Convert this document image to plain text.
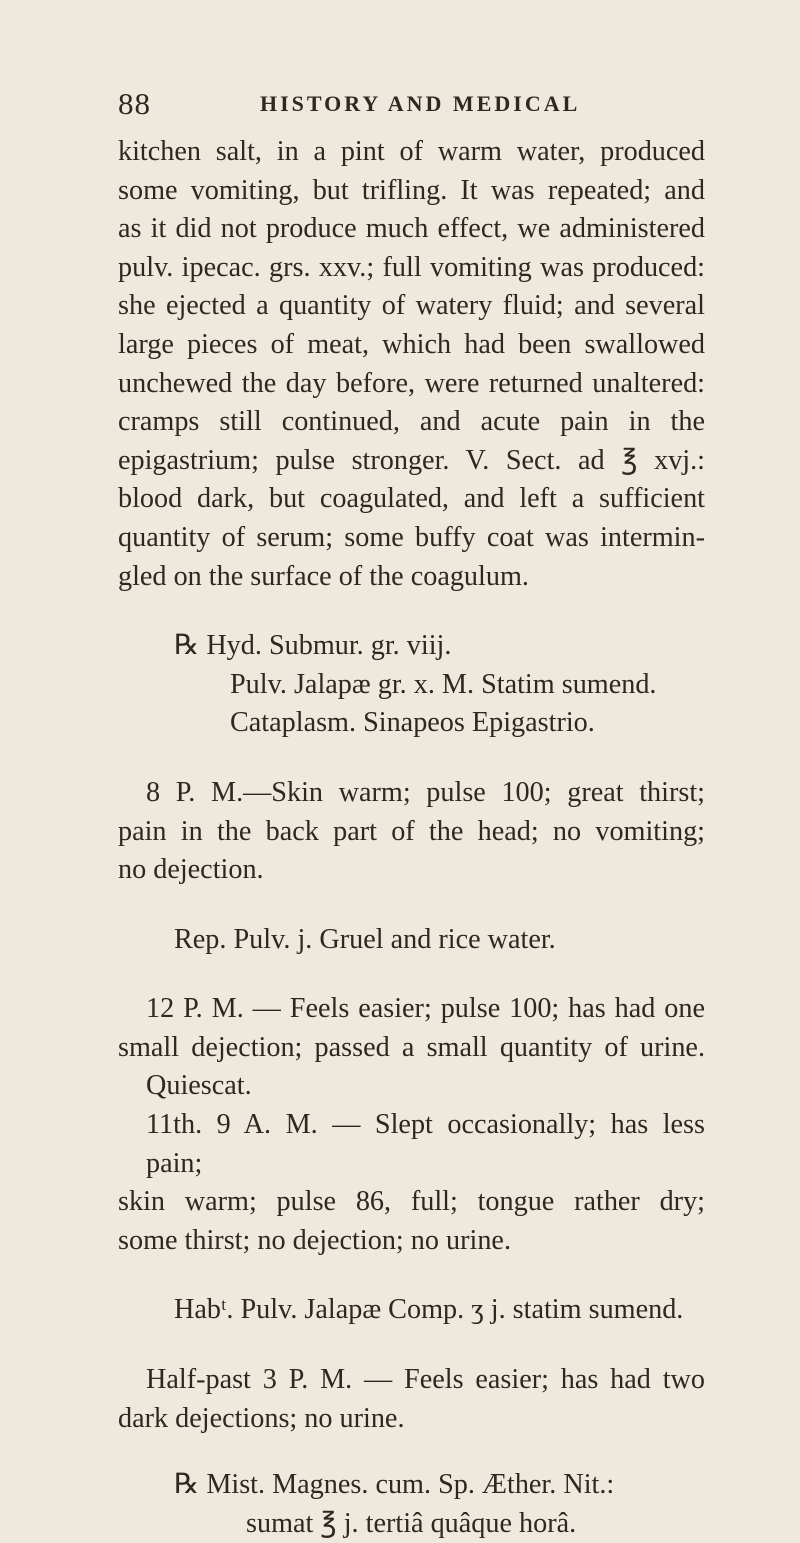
88	HISTORY AND MEDICAL

kitchen salt, in a pint of warm water, produced

some vomiting, but trifling. It was repeated; and

as it did not produce much effect, we administered

pulv. ipecac. grs. xxv.; full vomiting was produced:

she ejected a quantity of watery fluid; and several

large pieces of meat, which had been swallowed

unchewed the day before, were returned unaltered:

cramps still continued, and acute pain in the

epigastrium; pulse stronger. V. Sect. ad ℥ xvj.:

blood dark, but coagulated, and left a sufficient

quantity of serum; some buffy coat was intermin-

gled on the surface of the coagulum.

℞ Hyd. Submur. gr. viij.

Pulv. Jalapæ gr. x. M. Statim sumend.

Cataplasm. Sinapeos Epigastrio.

8 P. M.—Skin warm; pulse 100; great thirst;

pain in the back part of the head; no vomiting;

no dejection.

Rep. Pulv. j. Gruel and rice water.

12 P. M. — Feels easier; pulse 100; has had one

small dejection; passed a small quantity of urine.

Quiescat.

11th. 9 A. M. — Slept occasionally; has less pain;

skin warm; pulse 86, full; tongue rather dry;

some thirst; no dejection; no urine.

Habᵗ. Pulv. Jalapæ Comp. ʒ j. statim sumend.

Half-past 3 P. M. — Feels easier; has had two

dark dejections; no urine.

℞ Mist. Magnes. cum. Sp. Æther. Nit.:

sumat ℥ j. tertiâ quâque horâ.
